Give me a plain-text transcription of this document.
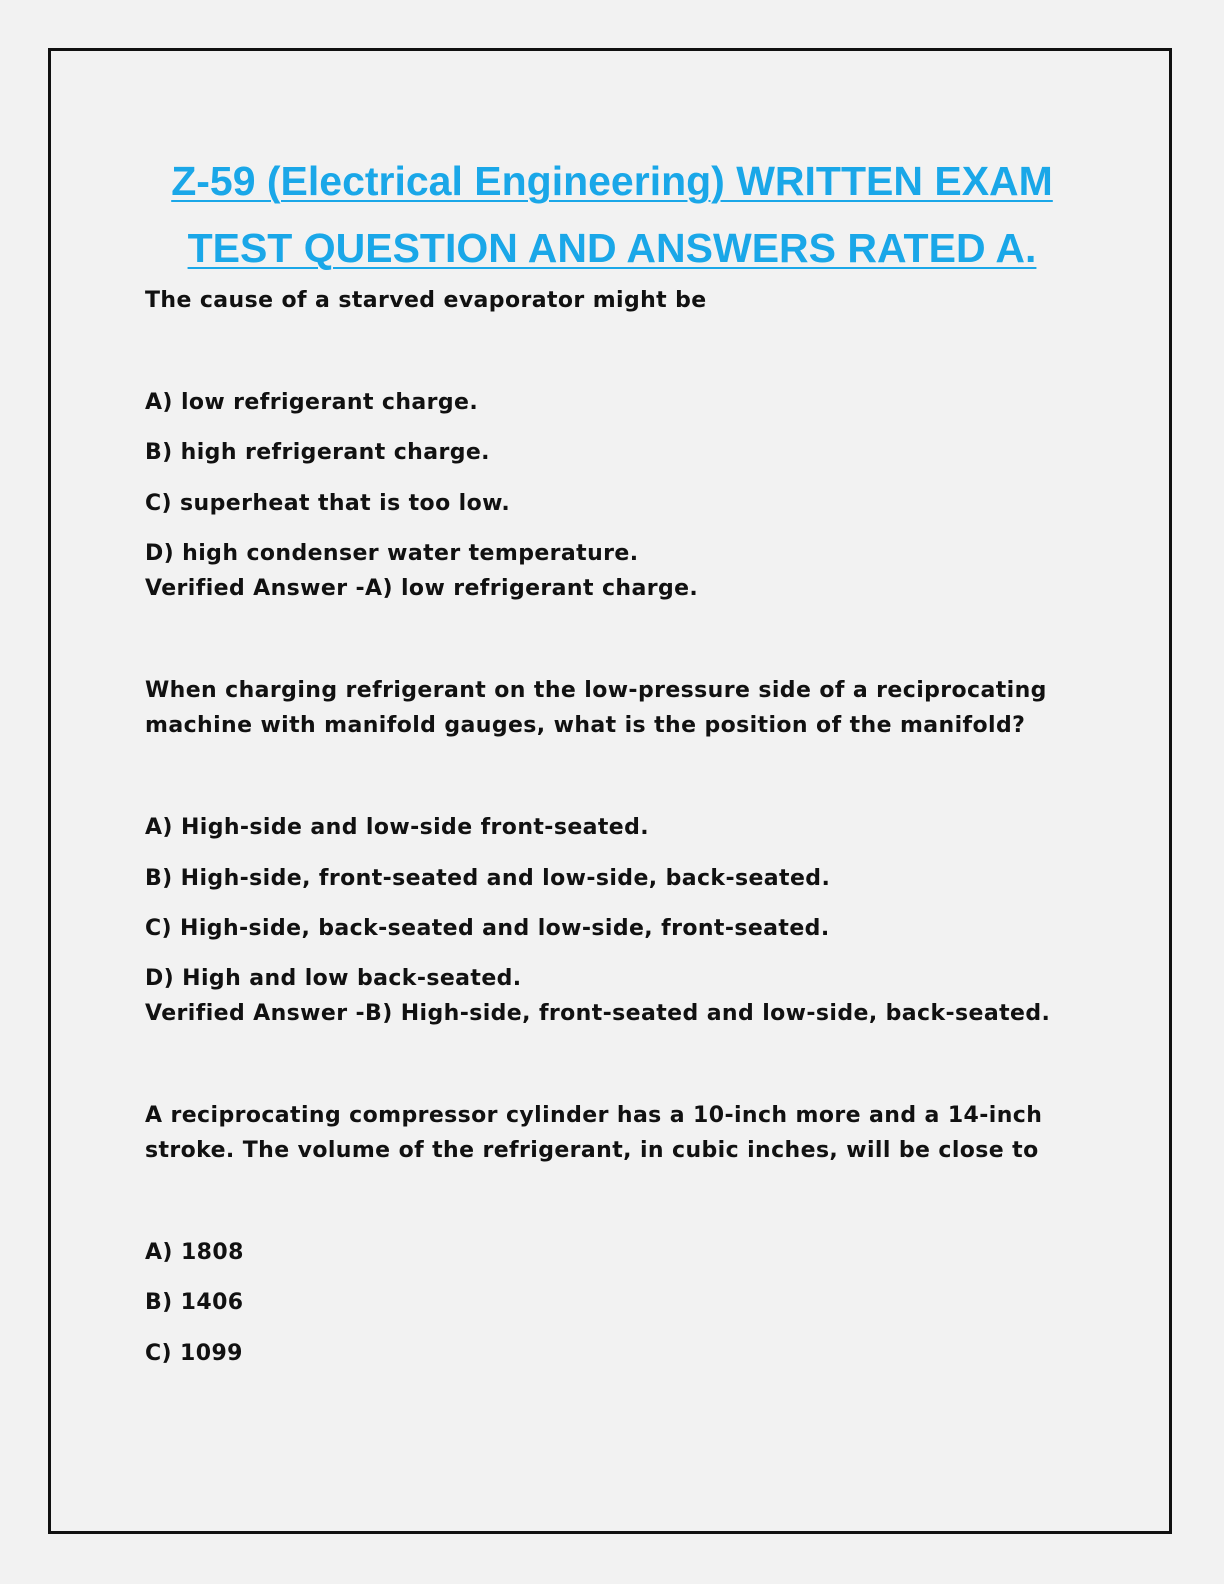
Z-59 (Electrical Engineering) WRITTEN EXAM
TEST QUESTION AND ANSWERS RATED A.
The cause of a starved evaporator might be
A) low refrigerant charge.
B) high refrigerant charge.
C) superheat that is too low.
D) high condenser water temperature.
Verified Answer -A) low refrigerant charge.
When charging refrigerant on the low-pressure side of a reciprocating
machine with manifold gauges, what is the position of the manifold?
A) High-side and low-side front-seated.
B) High-side, front-seated and low-side, back-seated.
C) High-side, back-seated and low-side, front-seated.
D) High and low back-seated.
Verified Answer -B) High-side, front-seated and low-side, back-seated.
A reciprocating compressor cylinder has a 10-inch more and a 14-inch
stroke. The volume of the refrigerant, in cubic inches, will be close to
A) 1808
B) 1406
C) 1099
